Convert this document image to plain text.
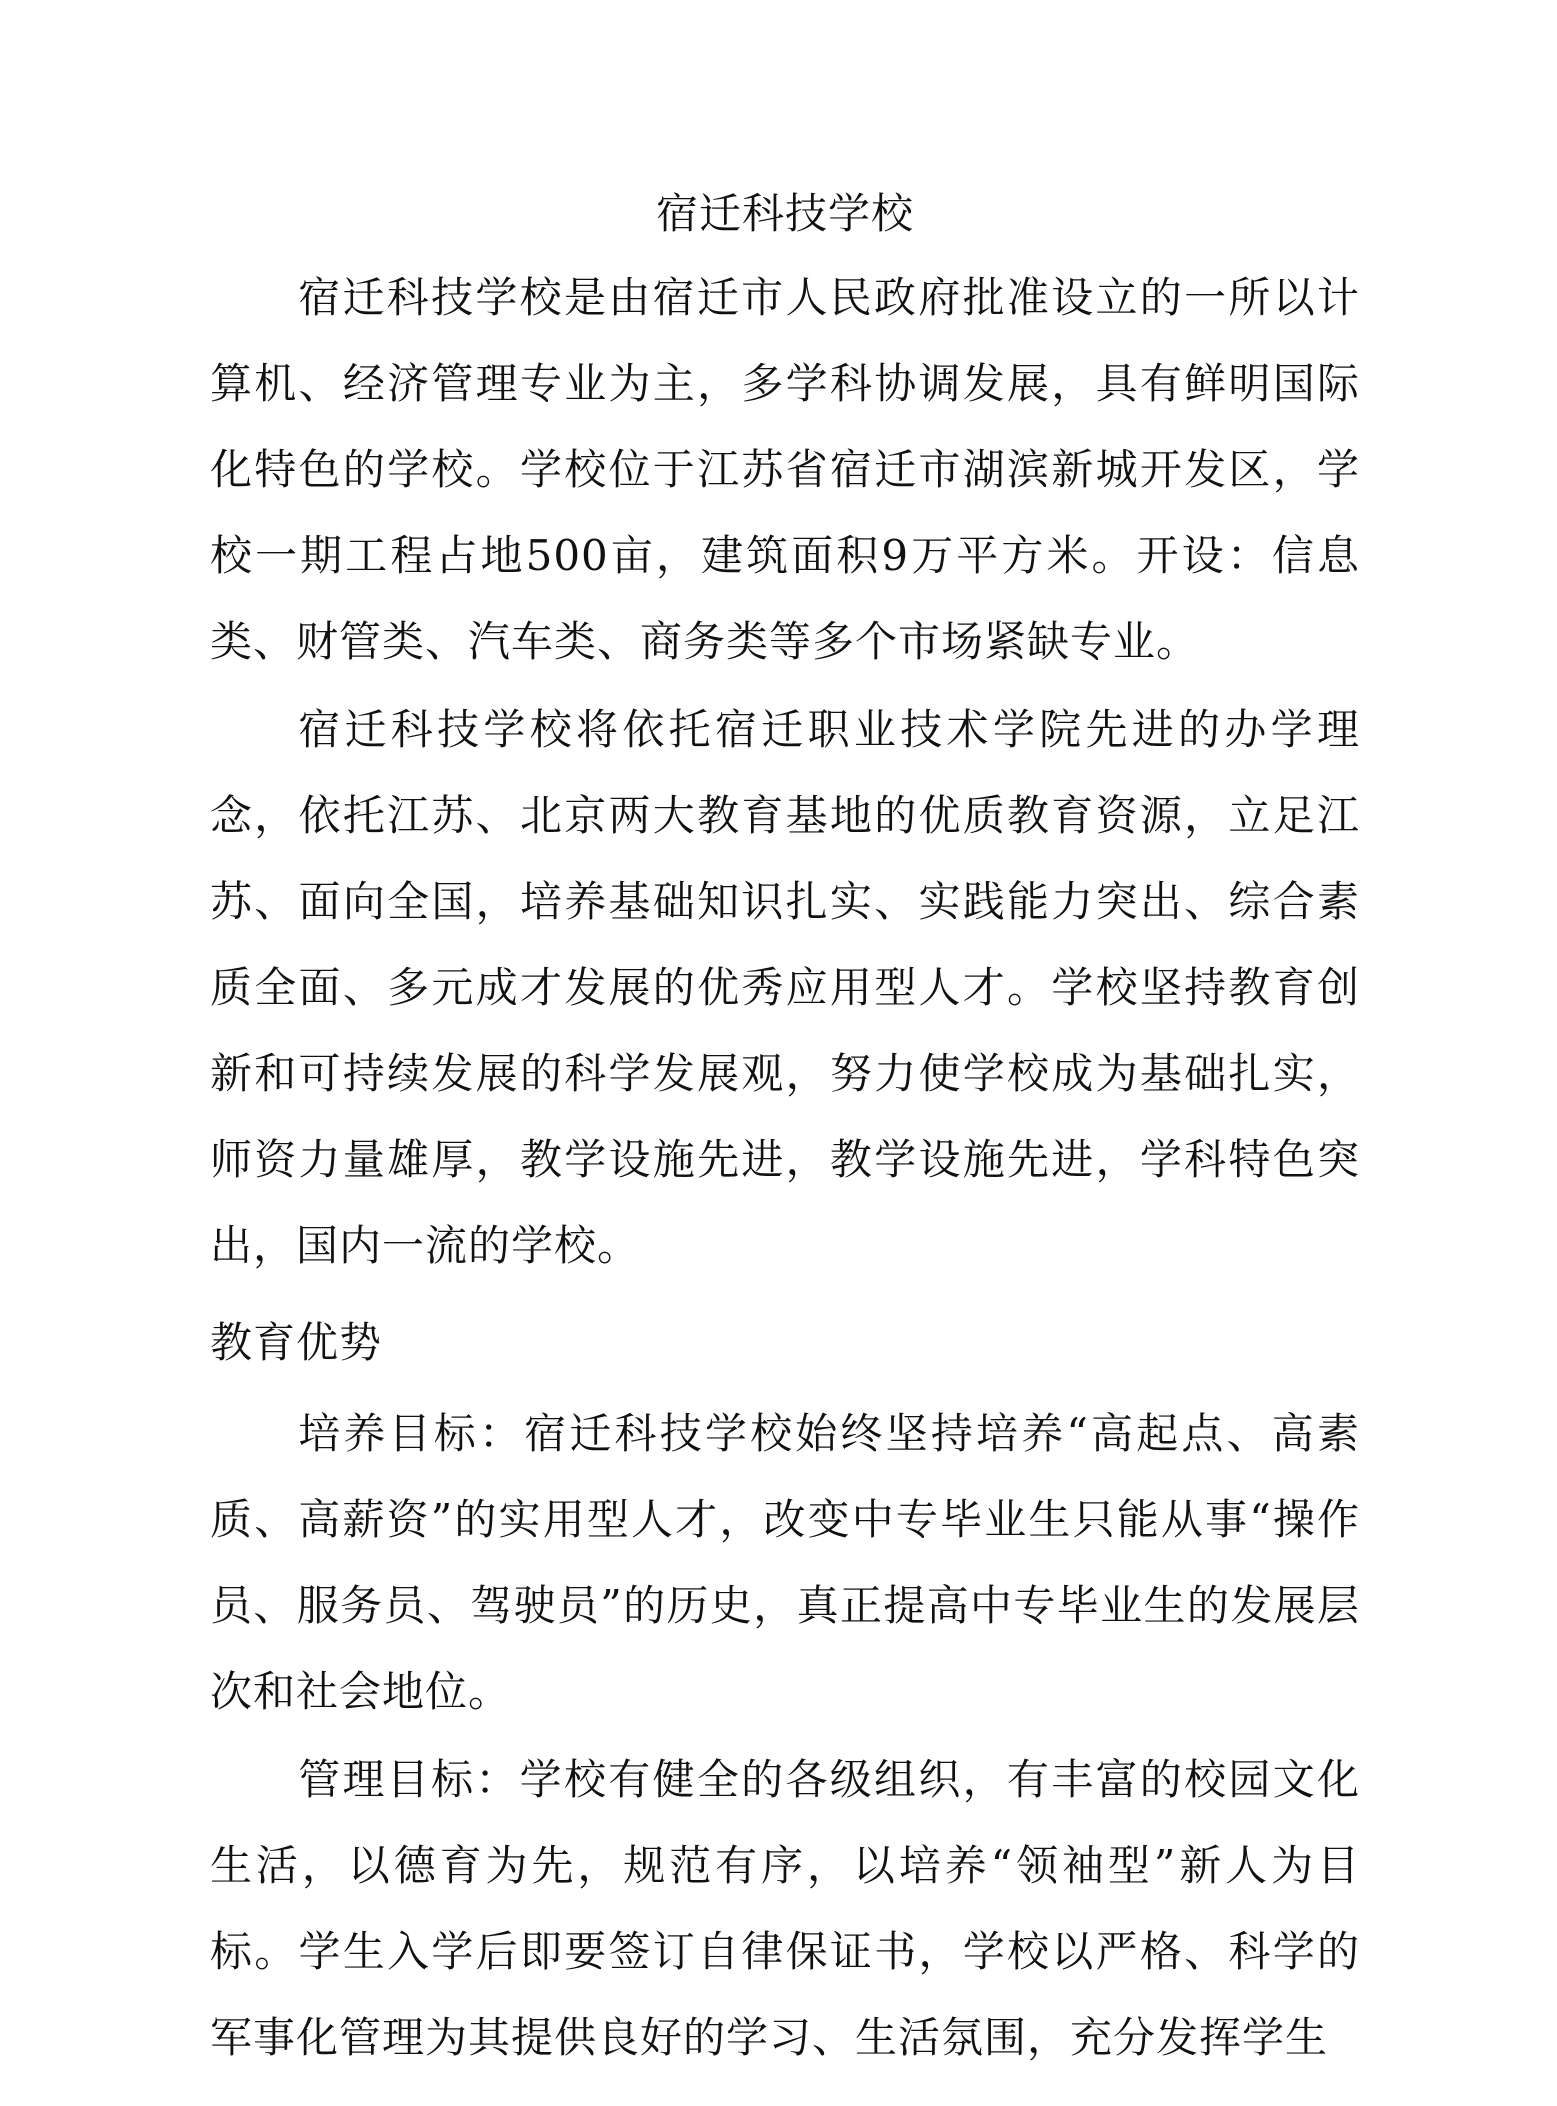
宿迁科技学校

宿迁科技学校是由宿迁市人民政府批准设立的一所以计算机、经济管理专业为主，多学科协调发展，具有鲜明国际化特色的学校。学校位于江苏省宿迁市湖滨新城开发区，学校一期工程占地500亩，建筑面积9万平方米。开设：信息类、财管类、汽车类、商务类等多个市场紧缺专业。

宿迁科技学校将依托宿迁职业技术学院先进的办学理念，依托江苏、北京两大教育基地的优质教育资源，立足江苏、面向全国，培养基础知识扎实、实践能力突出、综合素质全面、多元成才发展的优秀应用型人才。学校坚持教育创新和可持续发展的科学发展观，努力使学校成为基础扎实，师资力量雄厚，教学设施先进，教学设施先进，学科特色突出，国内一流的学校。

教育优势

培养目标：宿迁科技学校始终坚持培养“高起点、高素质、高薪资”的实用型人才，改变中专毕业生只能从事“操作员、服务员、驾驶员”的历史，真正提高中专毕业生的发展层次和社会地位。

管理目标：学校有健全的各级组织，有丰富的校园文化生活，以德育为先，规范有序，以培养“领袖型”新人为目标。学生入学后即要签订自律保证书，学校以严格、科学的军事化管理为其提供良好的学习、生活氛围，充分发挥学生
